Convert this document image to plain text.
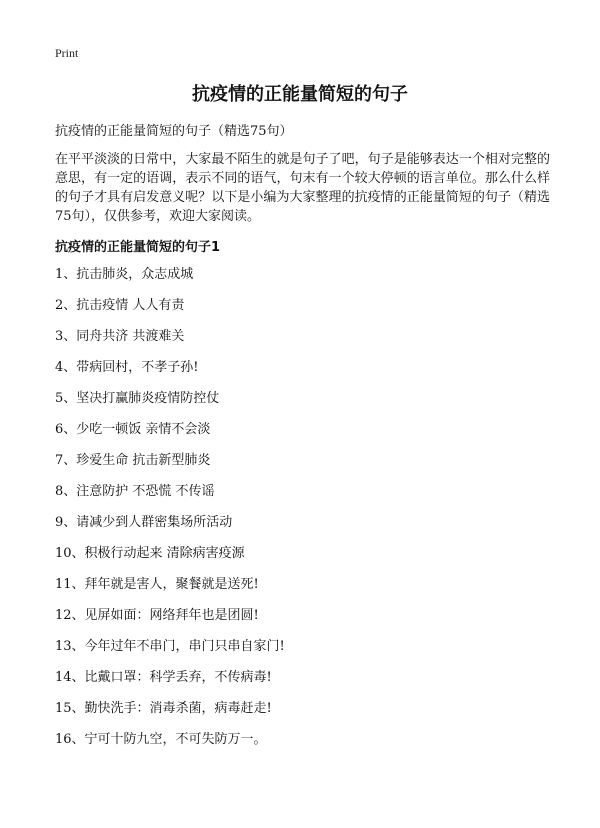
Print
抗疫情的正能量简短的句子

抗疫情的正能量简短的句子（精选75句）

在平平淡淡的日常中，大家最不陌生的就是句子了吧，句子是能够表达一个相对完整的意思，有一定的语调，表示不同的语气，句末有一个较大停顿的语言单位。那么什么样的句子才具有启发意义呢？以下是小编为大家整理的抗疫情的正能量简短的句子（精选75句），仅供参考，欢迎大家阅读。

抗疫情的正能量简短的句子1
1、抗击肺炎，众志成城
2、抗击疫情 人人有责
3、同舟共济 共渡难关
4、带病回村，不孝子孙!
5、坚决打赢肺炎疫情防控仗
6、少吃一顿饭 亲情不会淡
7、珍爱生命 抗击新型肺炎
8、注意防护 不恐慌 不传谣
9、请减少到人群密集场所活动
10、积极行动起来 清除病害疫源
11、拜年就是害人，聚餐就是送死!
12、见屏如面：网络拜年也是团圆!
13、今年过年不串门，串门只串自家门!
14、比戴口罩：科学丢弃，不传病毒!
15、勤快洗手：消毒杀菌，病毒赶走!
16、宁可十防九空，不可失防万一。
